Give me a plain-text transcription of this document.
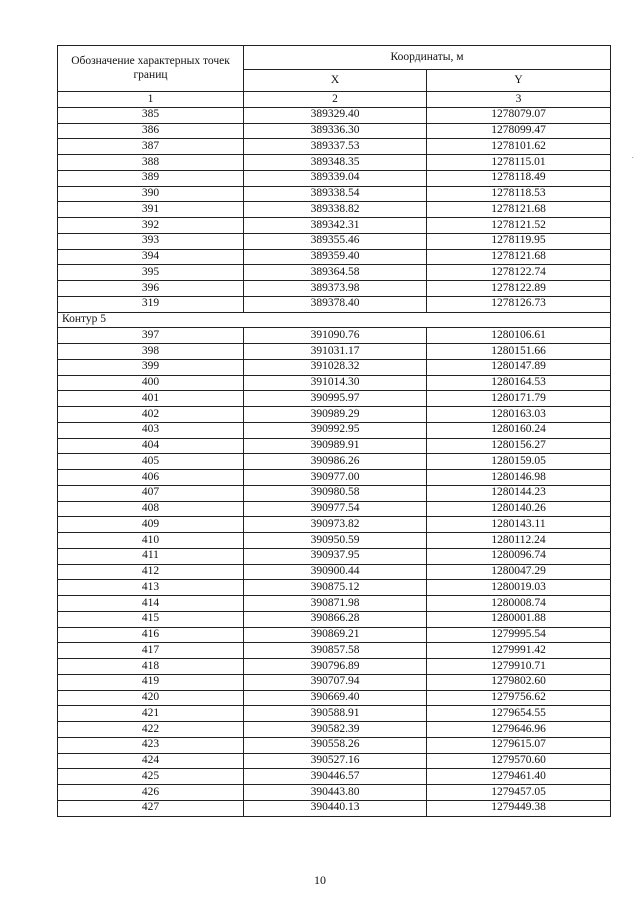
Обозначение характерных точек границ	Координаты, м	
	X	Y
1	2	3
385	389329.40	1278079.07
386	389336.30	1278099.47
387	389337.53	1278101.62
388	389348.35	1278115.01
389	389339.04	1278118.49
390	389338.54	1278118.53
391	389338.82	1278121.68
392	389342.31	1278121.52
393	389355.46	1278119.95
394	389359.40	1278121.68
395	389364.58	1278122.74
396	389373.98	1278122.89
319	389378.40	1278126.73
Контур 5		
397	391090.76	1280106.61
398	391031.17	1280151.66
399	391028.32	1280147.89
400	391014.30	1280164.53
401	390995.97	1280171.79
402	390989.29	1280163.03
403	390992.95	1280160.24
404	390989.91	1280156.27
405	390986.26	1280159.05
406	390977.00	1280146.98
407	390980.58	1280144.23
408	390977.54	1280140.26
409	390973.82	1280143.11
410	390950.59	1280112.24
411	390937.95	1280096.74
412	390900.44	1280047.29
413	390875.12	1280019.03
414	390871.98	1280008.74
415	390866.28	1280001.88
416	390869.21	1279995.54
417	390857.58	1279991.42
418	390796.89	1279910.71
419	390707.94	1279802.60
420	390669.40	1279756.62
421	390588.91	1279654.55
422	390582.39	1279646.96
423	390558.26	1279615.07
424	390527.16	1279570.60
425	390446.57	1279461.40
426	390443.80	1279457.05
427	390440.13	1279449.38
10
.
